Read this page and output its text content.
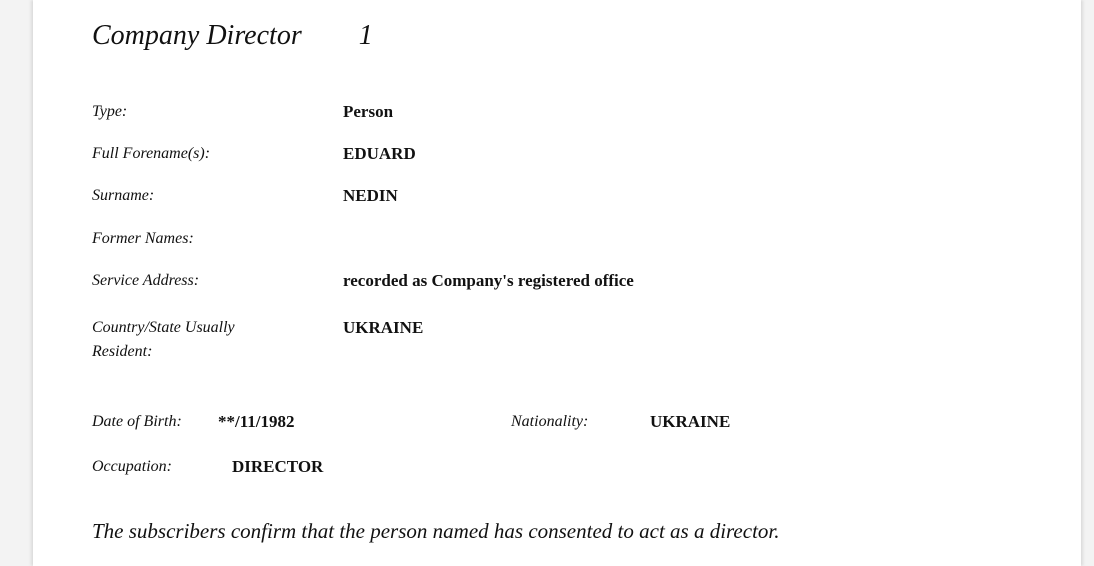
Company Director 1
Type:	Person
Full Forename(s):	EDUARD
Surname:	NEDIN
Former Names:
Service Address:	recorded as Company's registered office
Country/State Usually
Resident:
UKRAINE
Date of Birth: **/11/1982	Nationality:	UKRAINE
Occupation:	DIRECTOR
The subscribers confirm that the person named has consented to act as a director.
